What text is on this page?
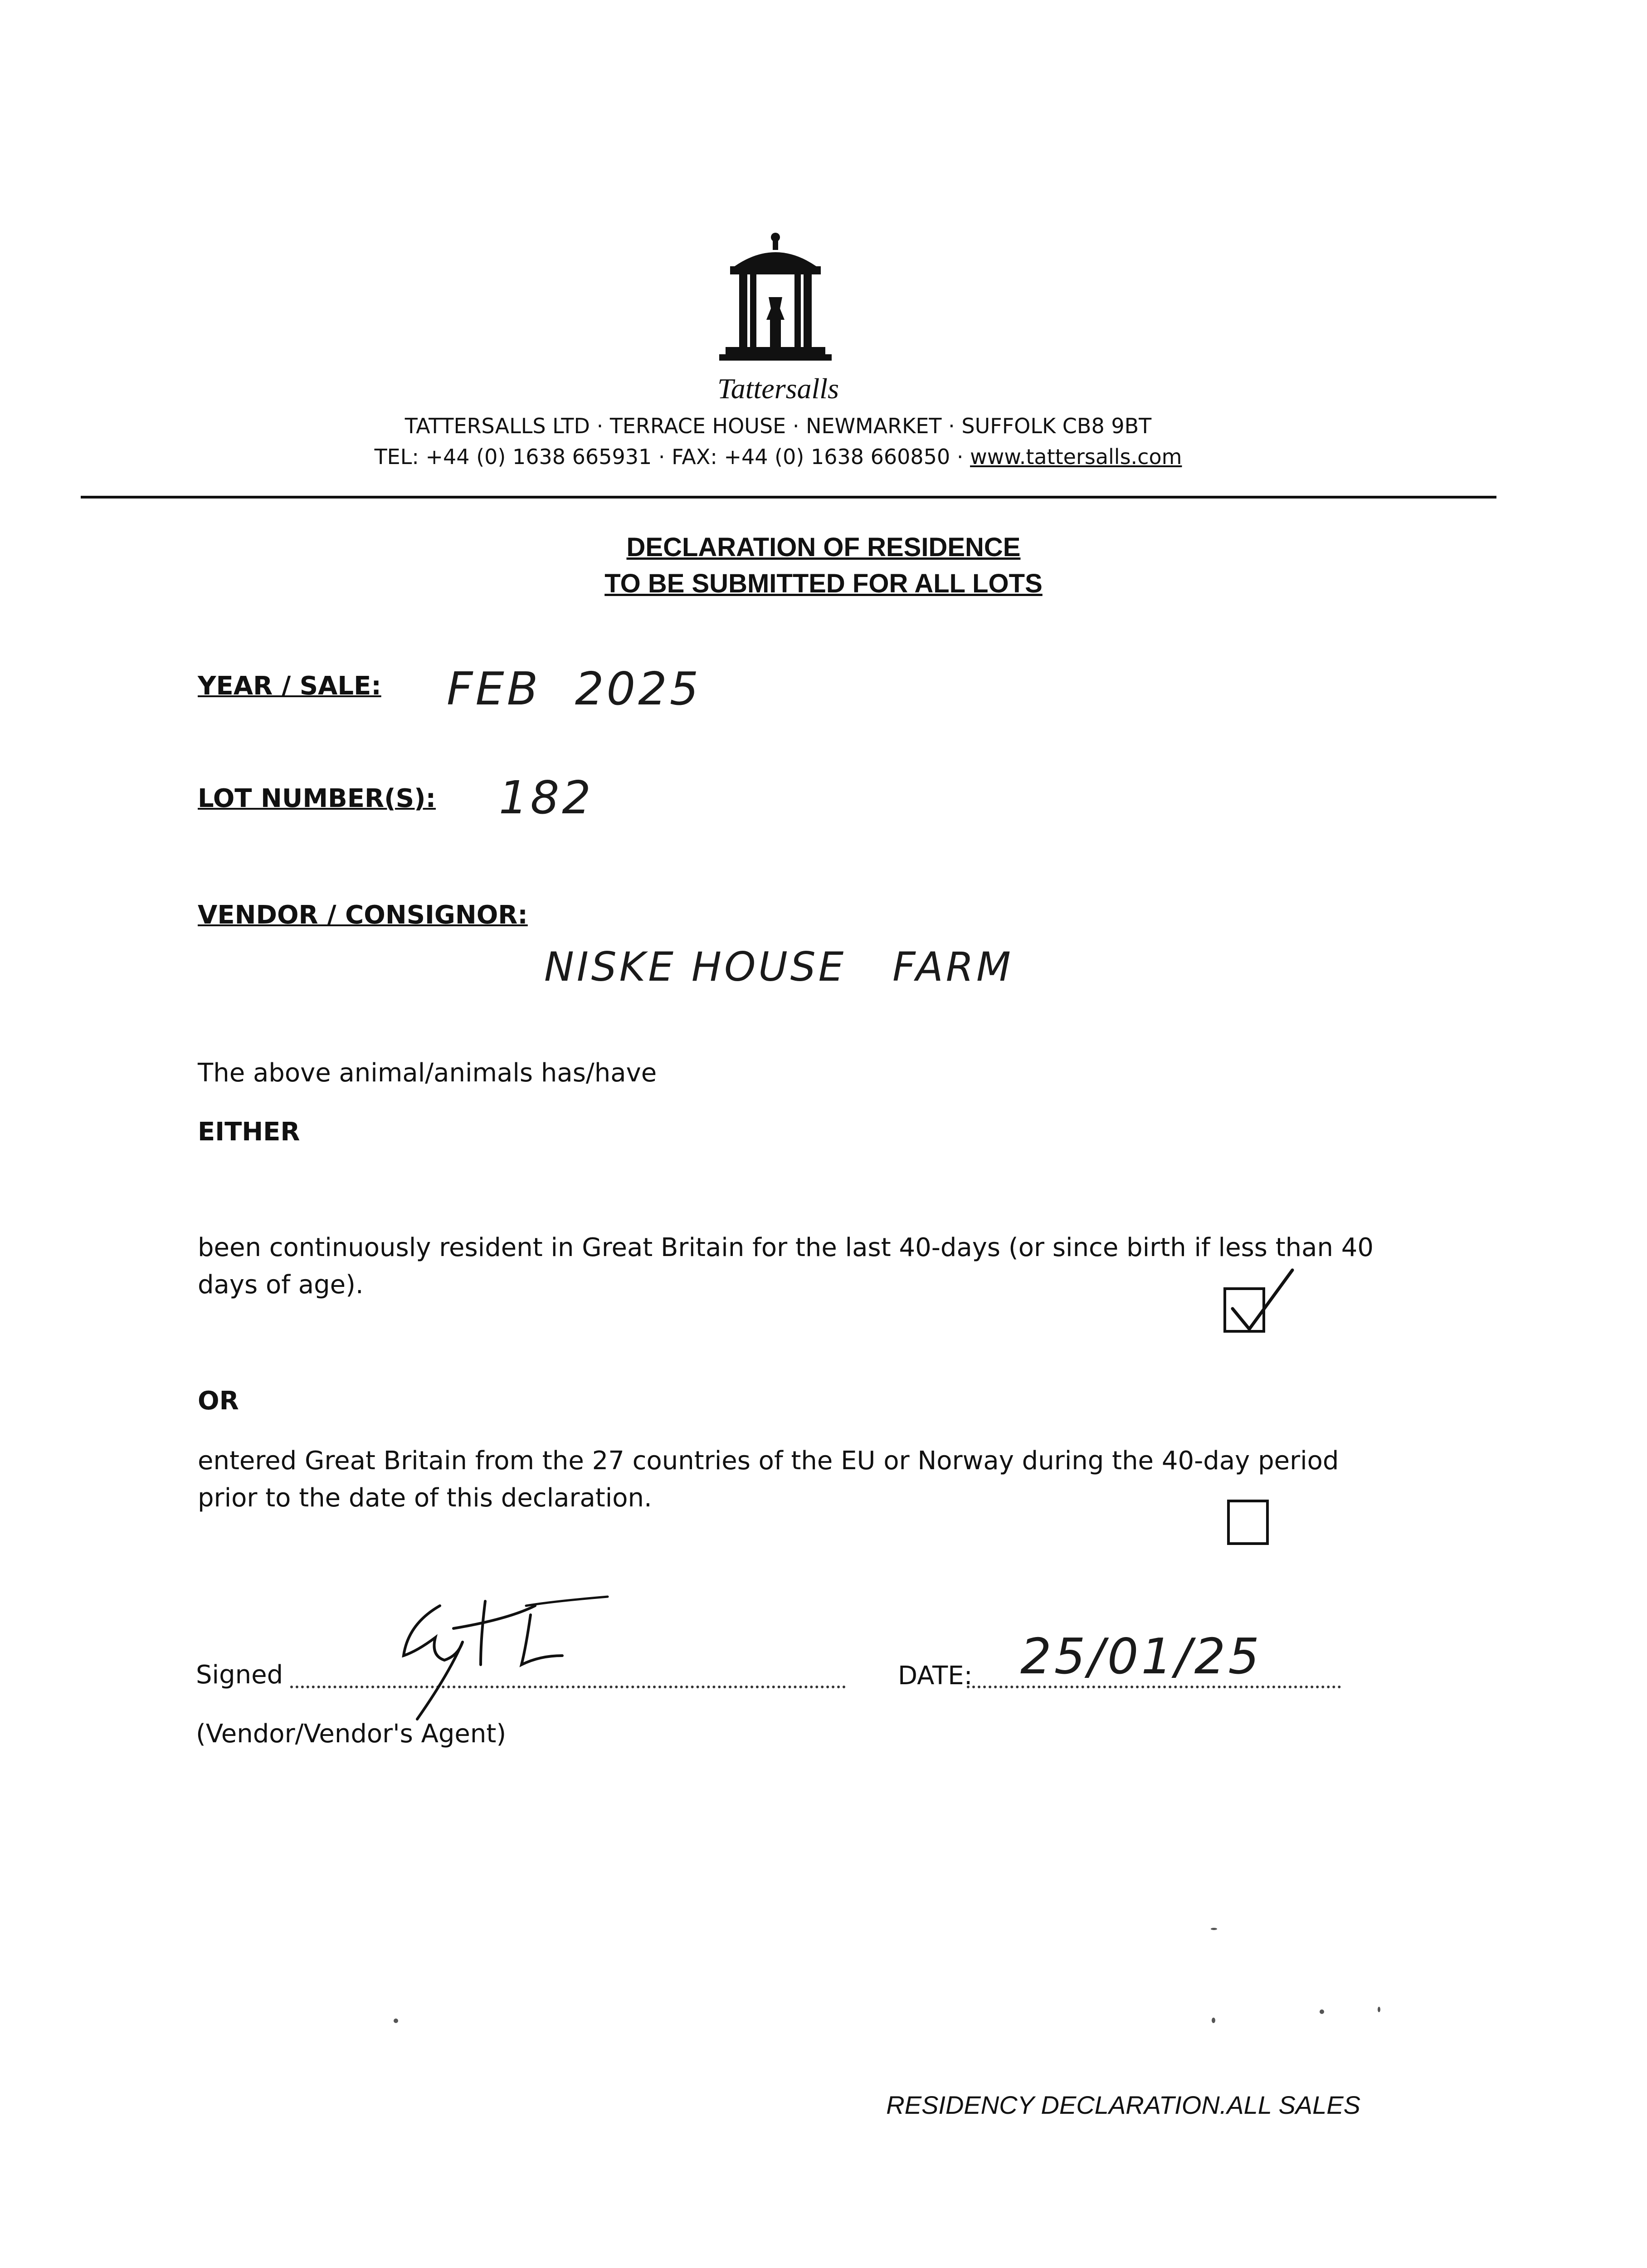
Tattersalls
TATTERSALLS LTD · TERRACE HOUSE · NEWMARKET · SUFFOLK CB8 9BT
TEL: +44 (0) 1638 665931 · FAX: +44 (0) 1638 660850 · www.tattersalls.com
DECLARATION OF RESIDENCE
TO BE SUBMITTED FOR ALL LOTS
YEAR / SALE: FEB  2025
LOT NUMBER(S): 182
VENDOR / CONSIGNOR:
NISKE HOUSE   FARM
The above animal/animals has/have
EITHER
been continuously resident in Great Britain for the last 40-days (or since birth if less than 40
days of age).
OR
entered Great Britain from the 27 countries of the EU or Norway during the 40-day period
prior to the date of this declaration.
Signed	DATE: 25/01/25
(Vendor/Vendor's Agent)
RESIDENCY DECLARATION.ALL SALES
